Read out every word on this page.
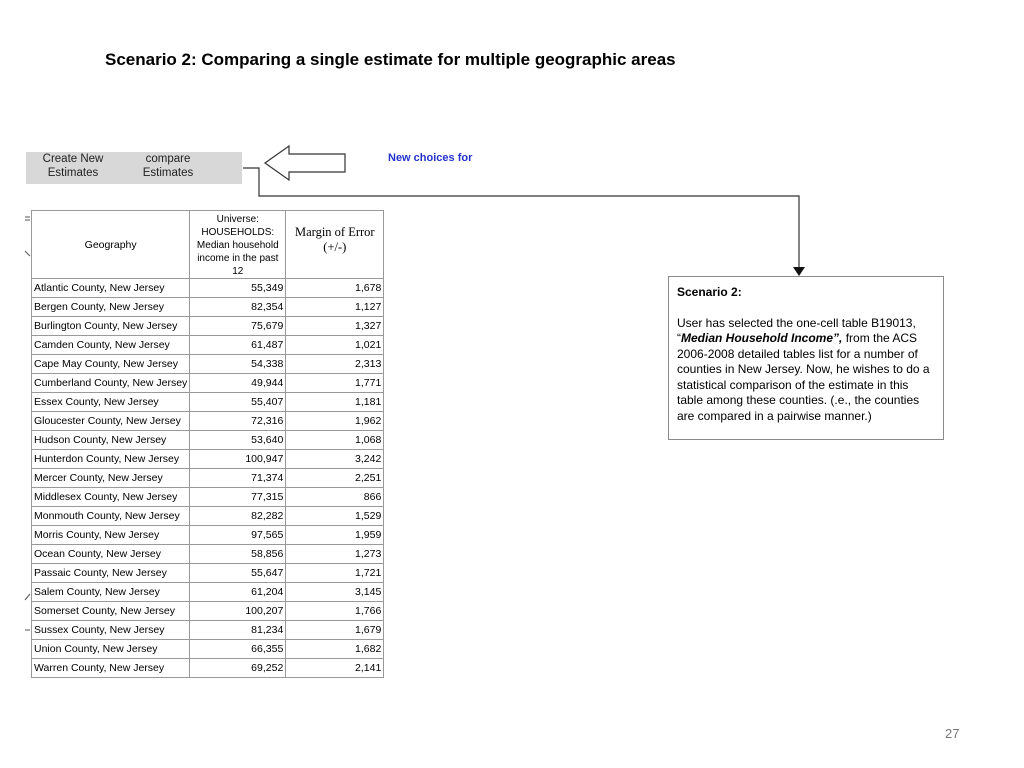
Scenario 2: Comparing a single estimate for multiple geographic areas
Create New
Estimates
compare
Estimates
New choices for
Geography	Universe:
HOUSEHOLDS:
Median household
income in the past 12	Margin of Error
(+/-)
Atlantic County, New Jersey	55,349	1,678
Bergen County, New Jersey	82,354	1,127
Burlington County, New Jersey	75,679	1,327
Camden County, New Jersey	61,487	1,021
Cape May County, New Jersey	54,338	2,313
Cumberland County, New Jersey	49,944	1,771
Essex County, New Jersey	55,407	1,181
Gloucester County, New Jersey	72,316	1,962
Hudson County, New Jersey	53,640	1,068
Hunterdon County, New Jersey	100,947	3,242
Mercer County, New Jersey	71,374	2,251
Middlesex County, New Jersey	77,315	866
Monmouth County, New Jersey	82,282	1,529
Morris County, New Jersey	97,565	1,959
Ocean County, New Jersey	58,856	1,273
Passaic County, New Jersey	55,647	1,721
Salem County, New Jersey	61,204	3,145
Somerset County, New Jersey	100,207	1,766
Sussex County, New Jersey	81,234	1,679
Union County, New Jersey	66,355	1,682
Warren County, New Jersey	69,252	2,141
Scenario 2:
User has selected the one-cell table B19013, “Median Household Income”, from the ACS 2006-2008 detailed tables list for a number of counties in New Jersey. Now, he wishes to do a statistical comparison of the estimate in this table among these counties. (.e., the counties are compared in a pairwise manner.)
27
